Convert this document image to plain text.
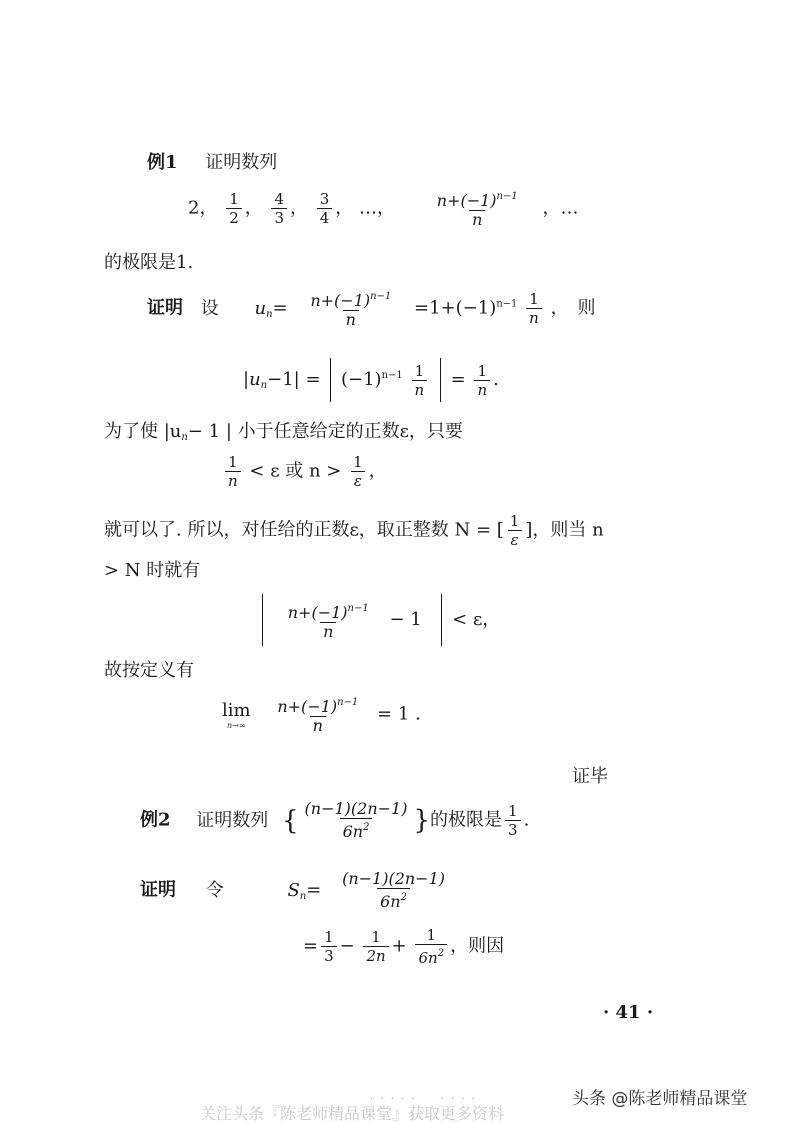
例1 证明数列
2， $\frac{1}{2}$ ， $\frac{4}{3}$ ， $\frac{3}{4}$ ， …， $\frac{n+(-1)^{n-1}}{n}$ ，…
的极限是1.
证明 设 $u_n= \frac{n+(-1)^{n-1}}{n} =1+(-1)^{n-1} \frac{1}{n}$ ，　则
$|u_n-1| = (-1)^{n-1} \frac{1}{n} = \frac{1}{n}$ .
为了使 $|u_n- 1$ | 小于任意给定的正数ε，只要
$\frac{1}{n} < \varepsilon$ 或 $n > \frac{1}{\varepsilon}$ ，
就可以了. 所以，对任给的正数ε，取正整数 N = [ $\frac{1}{\varepsilon}$ ]，则当 n
> N 时就有

$\frac{n+(-1)^{n-1}}{n} - 1 < \varepsilon$，
故按定义有
lim
n→∞
$\frac{n+(-1)^{n-1}}{n} = 1$ .
证毕
例2 证明数列 { $\frac{(n-1)(2n-1)}{6n^2}$ }的极限是 $\frac{1}{3}$ .
证明 令	$S_n= \frac{(n-1)(2n-1)}{6n^2}$
= $\frac{1}{3} - \frac{1}{2n} + \frac{1}{6n^2}$ ，则因
· 41 ·
· · · · ·　　· · · ·
关注头条『陈老师精品课堂』获取更多资料
头条 @陈老师精品课堂
